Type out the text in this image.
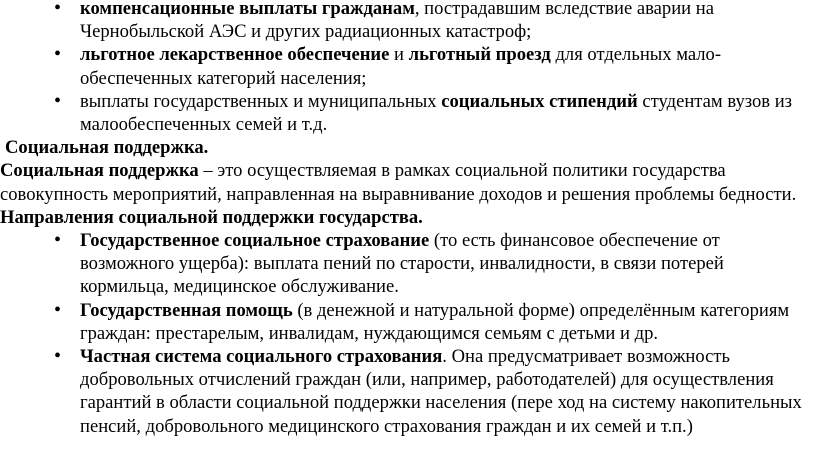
• компенсационные выплаты гражданам, пострадавшим вследствие аварии на Чернобыльской АЭС и других радиационных катастроф;
• льготное лекарственное обеспечение и льготный проезд для отдельных мало-обеспеченных категорий населения;
• выплаты государственных и муниципальных социальных стипендий студентам вузов из малообеспеченных семей и т.д.

Социальная поддержка.

Социальная поддержка – это осуществляемая в рамках социальной политики государства совокупность мероприятий, направленная на выравнивание доходов и решения проблемы бедности.

Направления социальной поддержки государства.

• Государственное социальное страхование (то есть финансовое обеспечение от возможного ущерба): выплата пений по старости, инвалидности, в связи потерей кормильца, медицинское обслуживание.
• Государственная помощь (в денежной и натуральной форме) определённым категориям граждан: престарелым, инвалидам, нуждающимся семьям с детьми и др.
• Частная система социального страхования. Она предусматривает возможность добровольных отчислений граждан (или, например, работодателей) для осуществления гарантий в области социальной поддержки населения (пере ход на систему накопительных пенсий, добровольного медицинского страхования граждан и их семей и т.п.)
